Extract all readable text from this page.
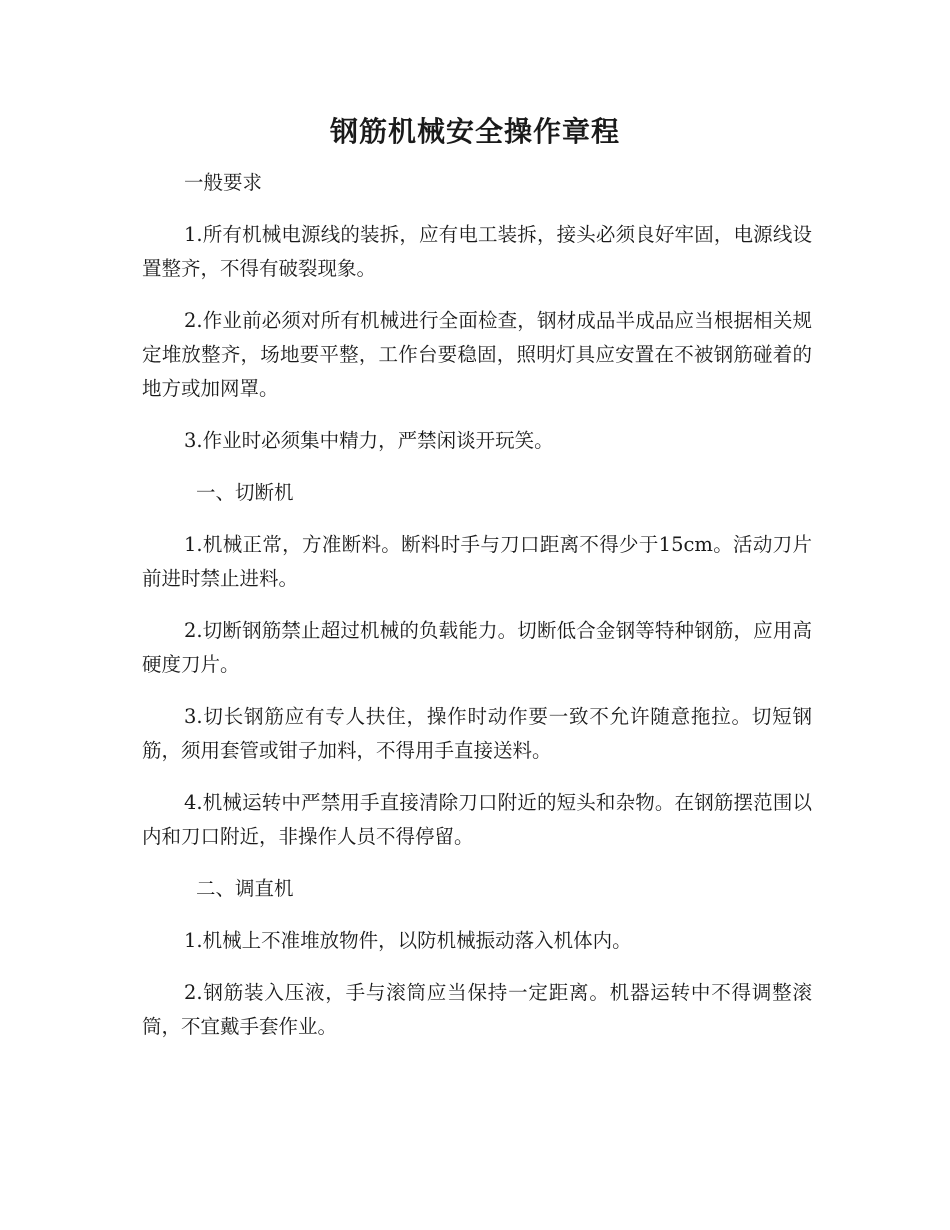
钢筋机械安全操作章程

一般要求

1.所有机械电源线的装拆，应有电工装拆，接头必须良好牢固，电源线设置整齐，不得有破裂现象。

2.作业前必须对所有机械进行全面检查，钢材成品半成品应当根据相关规定堆放整齐，场地要平整，工作台要稳固，照明灯具应安置在不被钢筋碰着的地方或加网罩。

3.作业时必须集中精力，严禁闲谈开玩笑。

一、切断机

1.机械正常，方准断料。断料时手与刀口距离不得少于15cm。活动刀片前进时禁止进料。

2.切断钢筋禁止超过机械的负载能力。切断低合金钢等特种钢筋，应用高硬度刀片。

3.切长钢筋应有专人扶住，操作时动作要一致不允许随意拖拉。切短钢筋，须用套管或钳子加料，不得用手直接送料。

4.机械运转中严禁用手直接清除刀口附近的短头和杂物。在钢筋摆范围以内和刀口附近，非操作人员不得停留。

二、调直机

1.机械上不准堆放物件，以防机械振动落入机体内。

2.钢筋装入压液，手与滚筒应当保持一定距离。机器运转中不得调整滚筒，不宜戴手套作业。
